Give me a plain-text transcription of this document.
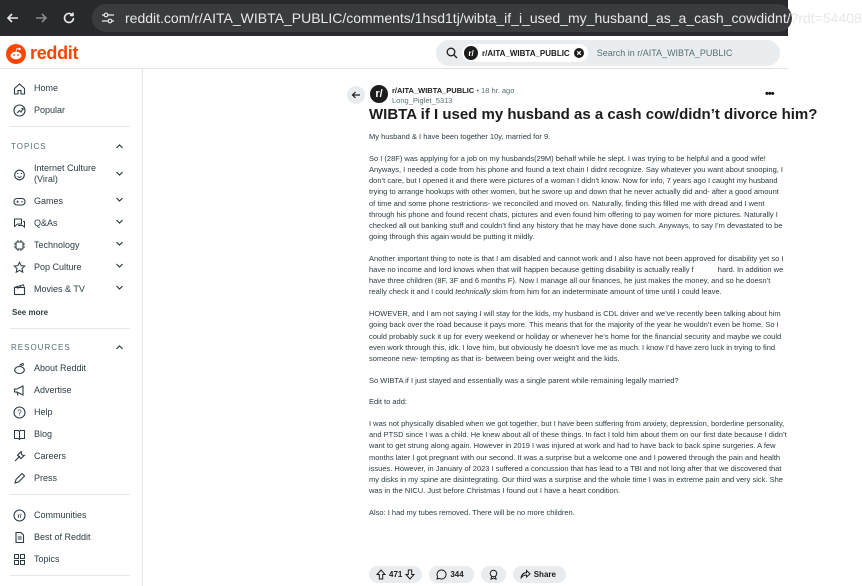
reddit.com/r/AITA_WIBTA_PUBLIC/comments/1hsd1tj/wibta_if_i_used_my_husband_as_a_cash_cowdidnt/?rdt=54408
reddit	r/ r/AITA_WIBTA_PUBLIC	Search in r/AITA_WIBTA_PUBLIC
Home
Popular
TOPICS
Internet Culture
(Viral)
Games
Q&As
Technology
Pop Culture
Movies & TV
See more
RESOURCES
About Reddit
Advertise
? Help
Blog
Careers
Press
r/ Communities
Best of Reddit
Topics
r/	r/AITA_WIBTA_PUBLIC • 18 hr. ago
Long_Piglet_5313
•••
WIBTA if I used my husband as a cash cow/didn’t divorce him?

My husband & I have been together 10y, married for 9.

So I (28F) was applying for a job on my husbands(29M) behalf while he slept. I was trying to be helpful and a good wife! Anyways, I needed a code from his phone and found a text chain I didnt recognize. Say whatever you want about snooping, I don’t care, but I opened it and there were pictures of a woman I didn’t know. Now for info, 7 years ago I caught my husband trying to arrange hookups with other women, but he swore up and down that he never actually did and- after a good amount of time and some phone restrictions- we reconciled and moved on. Naturally, finding this filled me with dread and I went through his phone and found recent chats, pictures and even found him offering to pay women for more pictures. Naturally I checked all out banking stuff and couldn’t find any history that he may have done such. Anyways, to say I’m devastated to be going through this again would be putting it mildly.

Another important thing to note is that I am disabled and cannot work and I also have not been approved for disability yet so I have no income and lord knows when that will happen because getting disability is actually really f	hard. In addition we have three children (8F, 3F and 6 months F). Now I manage all our finances, he just makes the money, and so he doesn’t really check it and I could technically skim from him for an indeterminate amount of time until I could leave.

HOWEVER, and I am not saying I will stay for the kids, my husband is CDL driver and we’ve recently been talking about him going back over the road because it pays more. This means that for the majority of the year he wouldn’t even be home. So I could probably suck it up for every weekend or holiday or whenever he’s home for the financial security and maybe we could even work through this, idk. I love him, but obviously he doesn’t love me as much. I know I’d have zero luck in trying to find someone new- tempting as that is- between being over weight and the kids.

So WIBTA if I just stayed and essentially was a single parent while remaining legally married?

Edit to add:

I was not physically disabled when we got together, but I have been suffering from anxiety, depression, borderline personality, and PTSD since I was a child. He knew about all of these things. In fact I told him about them on our first date because I didn’t want to get strung along again. However in 2019 I was injured at work and had to have back to back spine surgeries. A few months later I got pregnant with our second. It was a surprise but a welcome one and I powered through the pain and health issues. However, in January of 2023 I suffered a concussion that has lead to a TBI and not long after that we discovered that my disks in my spine are disintegrating. Our third was a surprise and the whole time I was in extreme pain and very sick. She was in the NICU. Just before Christmas I found out I have a heart condition.

Also: I had my tubes removed. There will be no more children.

471	344	Share
